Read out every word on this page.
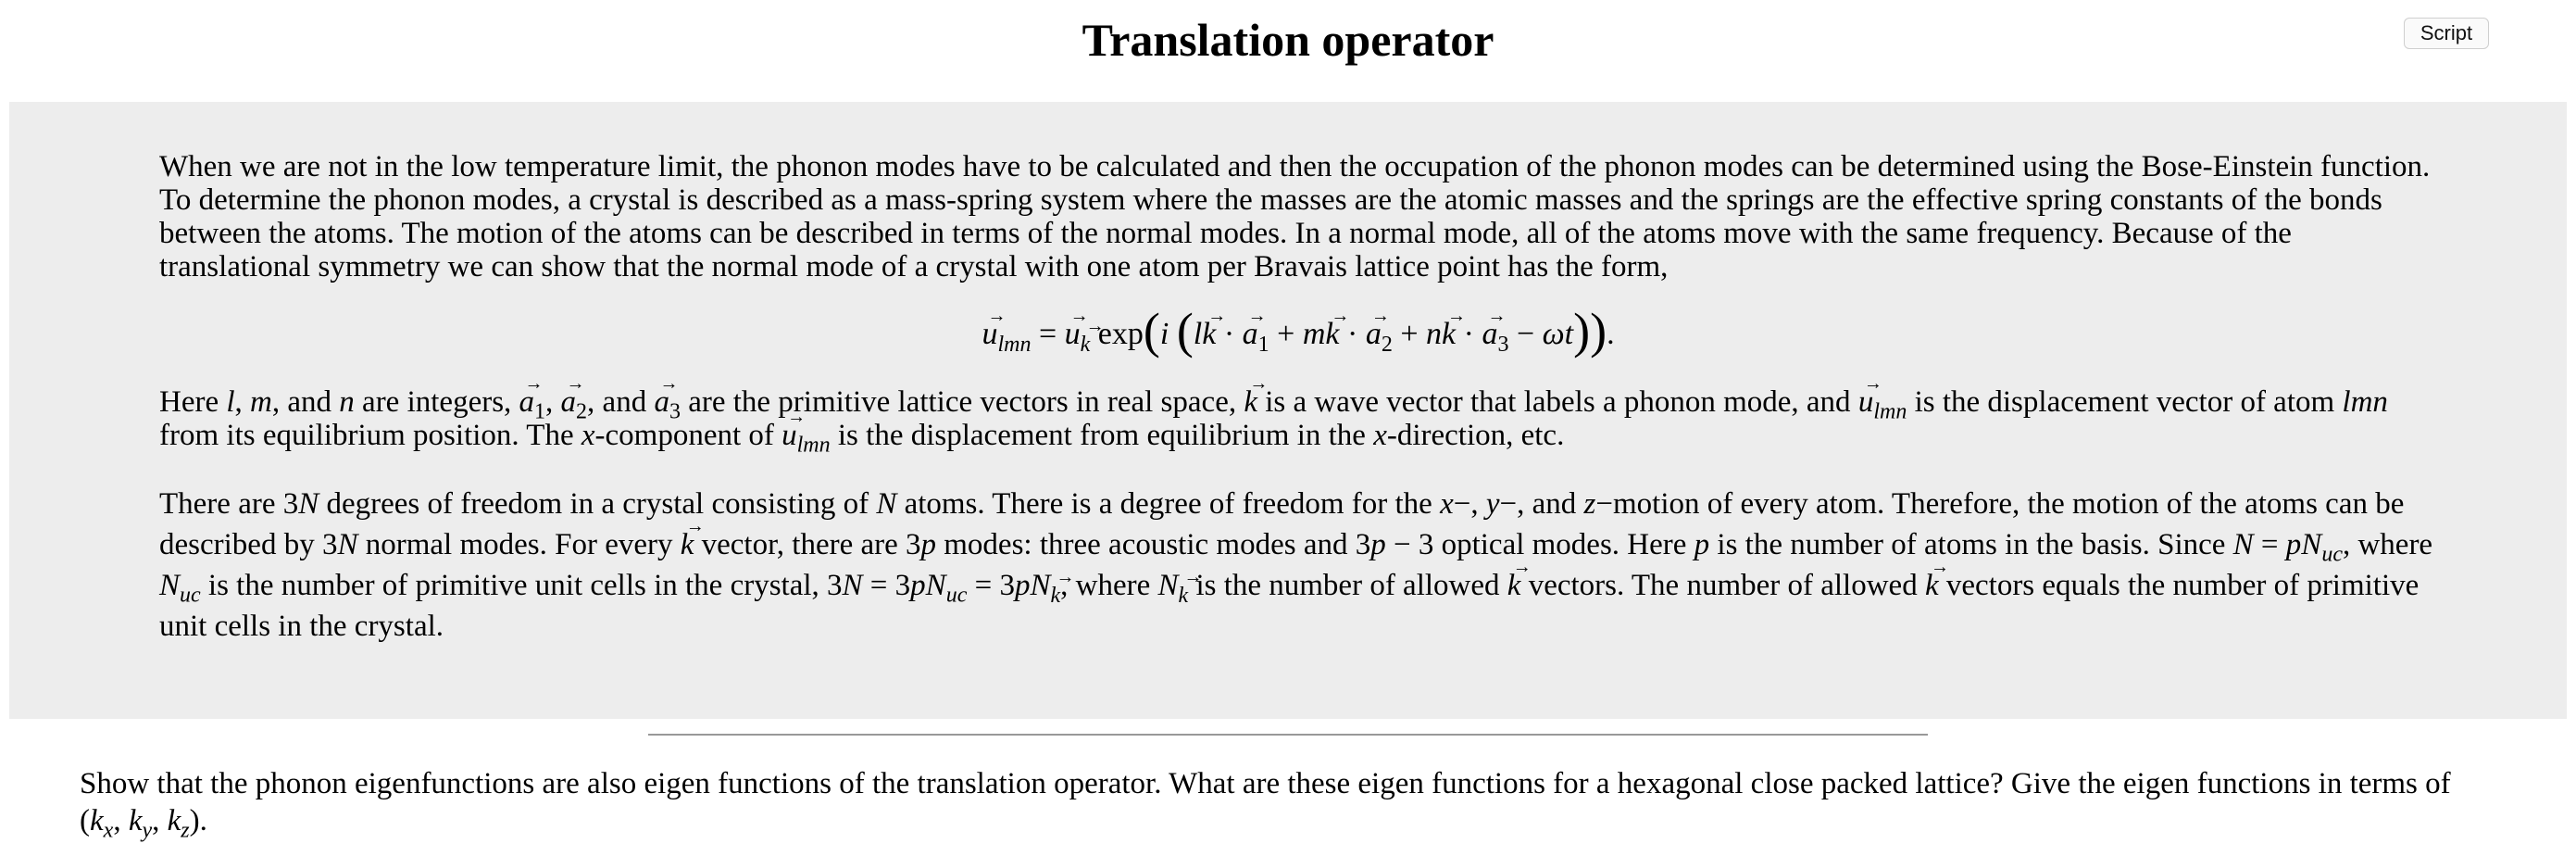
Translation operator	Script

When we are not in the low temperature limit, the phonon modes have to be calculated and then the occupation of the phonon modes can be determined using the Bose-Einstein function. To determine the phonon modes, a crystal is described as a mass-spring system where the masses are the atomic masses and the springs are the effective spring constants of the bonds between the atoms. The motion of the atoms can be described in terms of the normal modes. In a normal mode, all of the atoms move with the same frequency. Because of the translational symmetry we can show that the normal mode of a crystal with one atom per Bravais lattice point has the form,

$u \to_{lmn} = u \to_k$ exp(i (lk → · $a \to_1$ + mk → · $a \to_2$ + nk → · $a \to_3 - \omega t$)).

Here l, m, and n are integers, $a \to_1$, $a \to_2$, and $a \to_3$ are the primitive lattice vectors in real space, k → is a wave vector that labels a phonon mode, and $u \to_{lmn}$ is the displacement vector of atom lmn from its equilibrium position. The x-component of $u \to_{lmn}$ is the displacement from equilibrium in the x-direction, etc.

There are 3N degrees of freedom in a crystal consisting of N atoms. There is a degree of freedom for the x−, y−, and z−motion of every atom. Therefore, the motion of the atoms can be described by 3N normal modes. For every k → vector, there are 3p modes: three acoustic modes and 3p − 3 optical modes. Here p is the number of atoms in the basis. Since $N = pN_{uc}$, where $N_{uc}$ is the number of primitive unit cells in the crystal, $3N = 3pN_{uc} = 3pN_k$, where $N_k$ is the number of allowed k → vectors. The number of allowed k → vectors equals the number of primitive unit cells in the crystal.

Show that the phonon eigenfunctions are also eigen functions of the translation operator. What are these eigen functions for a hexagonal close packed lattice? Give the eigen functions in terms of ($k_x$, $k_y$, $k_z$).
